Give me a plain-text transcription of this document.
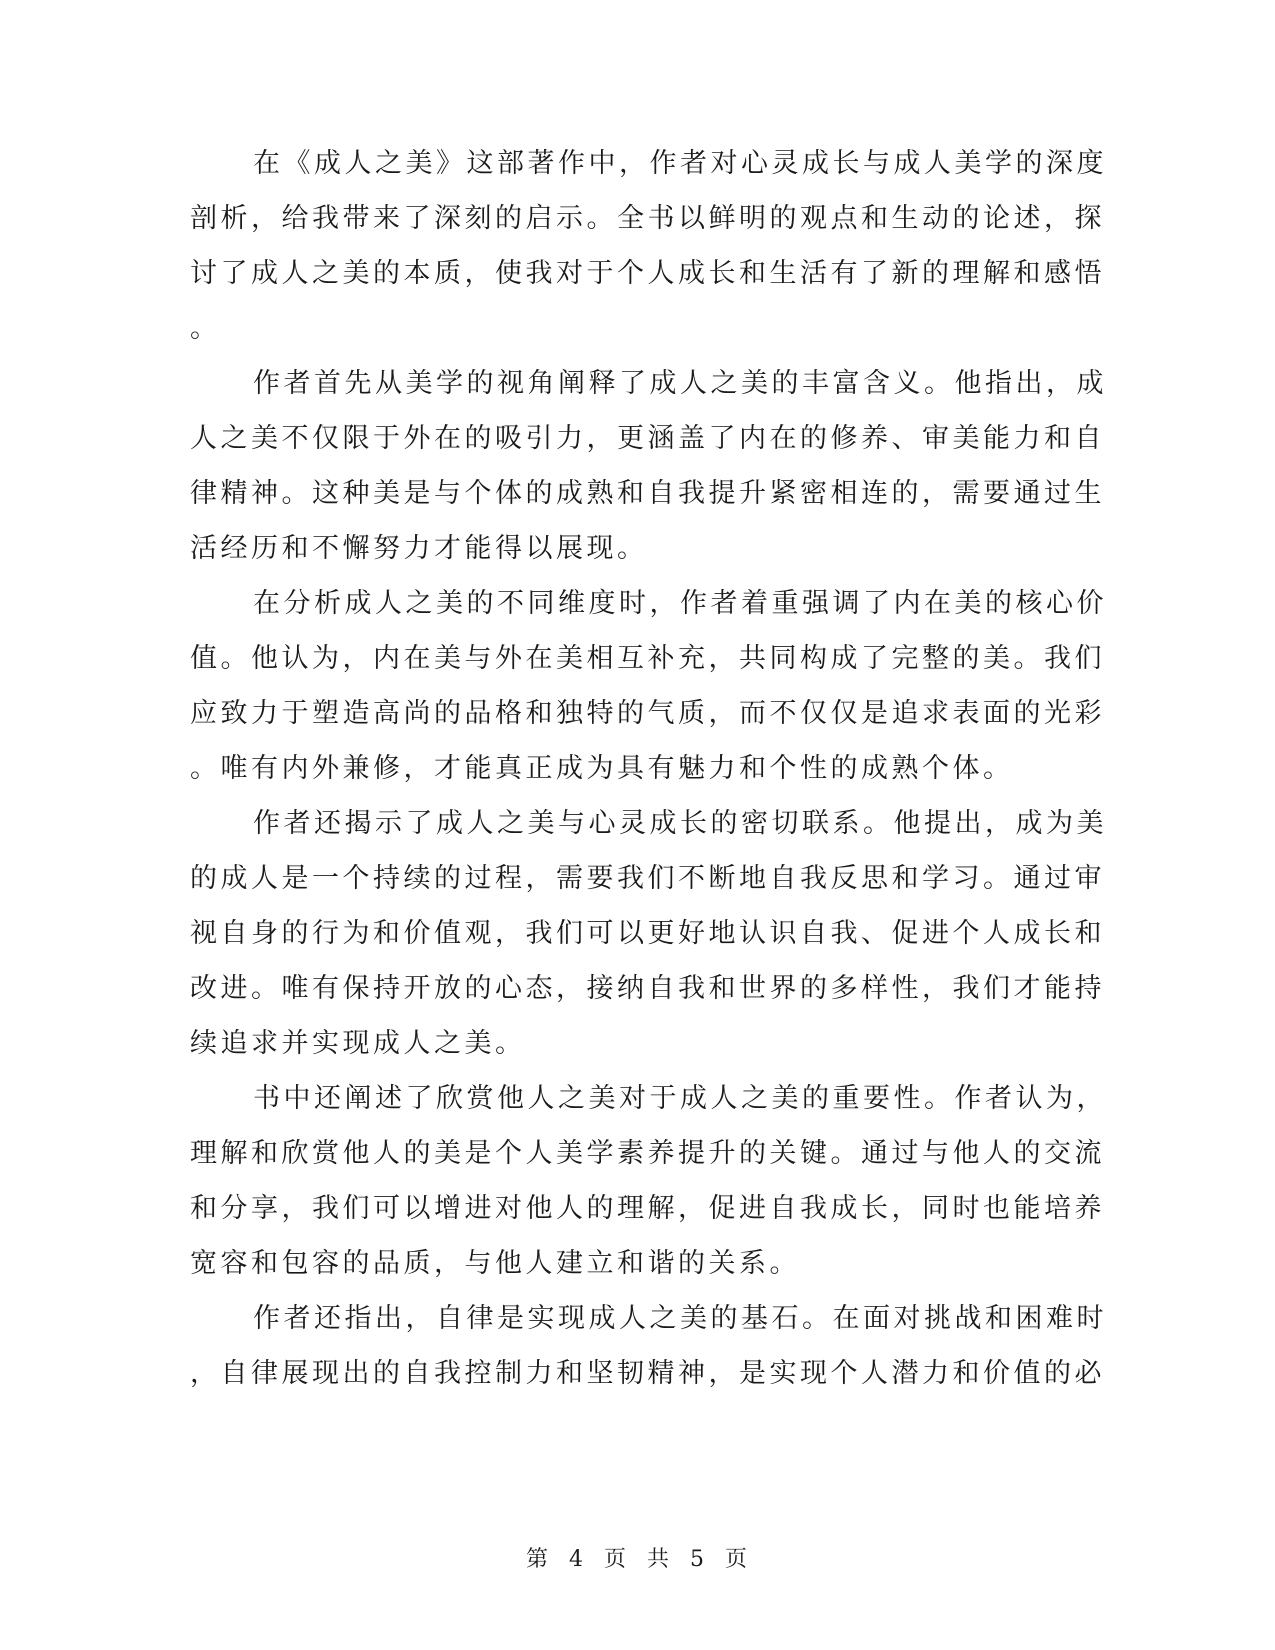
在《成人之美》这部著作中，作者对心灵成长与成人美学的深度
剖析，给我带来了深刻的启示。全书以鲜明的观点和生动的论述，探
讨了成人之美的本质，使我对于个人成长和生活有了新的理解和感悟
。
作者首先从美学的视角阐释了成人之美的丰富含义。他指出，成
人之美不仅限于外在的吸引力，更涵盖了内在的修养、审美能力和自
律精神。这种美是与个体的成熟和自我提升紧密相连的，需要通过生
活经历和不懈努力才能得以展现。
在分析成人之美的不同维度时，作者着重强调了内在美的核心价
值。他认为，内在美与外在美相互补充，共同构成了完整的美。我们
应致力于塑造高尚的品格和独特的气质，而不仅仅是追求表面的光彩
。唯有内外兼修，才能真正成为具有魅力和个性的成熟个体。
作者还揭示了成人之美与心灵成长的密切联系。他提出，成为美
的成人是一个持续的过程，需要我们不断地自我反思和学习。通过审
视自身的行为和价值观，我们可以更好地认识自我、促进个人成长和
改进。唯有保持开放的心态，接纳自我和世界的多样性，我们才能持
续追求并实现成人之美。
书中还阐述了欣赏他人之美对于成人之美的重要性。作者认为，
理解和欣赏他人的美是个人美学素养提升的关键。通过与他人的交流
和分享，我们可以增进对他人的理解，促进自我成长，同时也能培养
宽容和包容的品质，与他人建立和谐的关系。
作者还指出，自律是实现成人之美的基石。在面对挑战和困难时
，自律展现出的自我控制力和坚韧精神，是实现个人潜力和价值的必
第 4 页 共 5 页
